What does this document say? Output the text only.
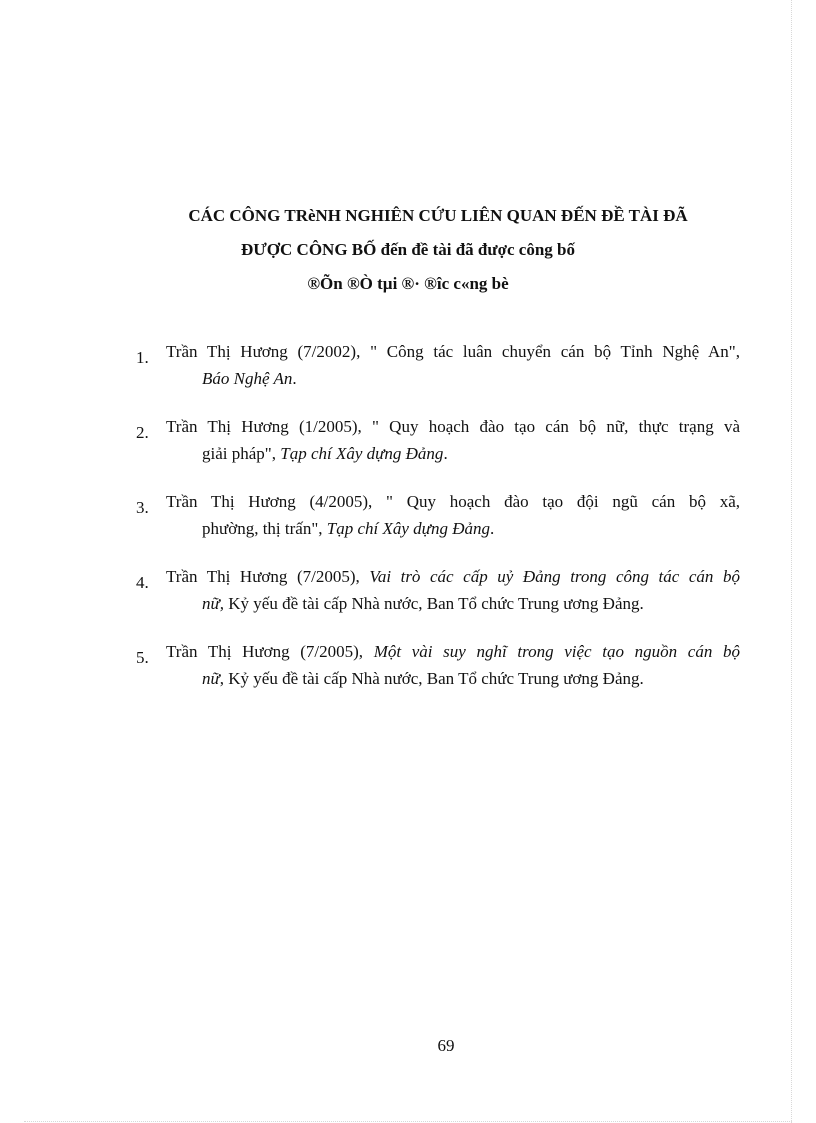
CÁC CÔNG TRèNH NGHIÊN CỨU LIÊN QUAN ĐẾN ĐỀ TÀI ĐÃ
ĐƯỢC CÔNG BỐ đến đề tài đã được công bố
®Õn ®Ò tµi ®· ®îc c«ng bè
1.	Trần Thị Hương (7/2002), " Công tác luân chuyển cán bộ Tỉnh Nghệ An",
Báo Nghệ An.
2.	Trần Thị Hương (1/2005), " Quy hoạch đào tạo cán bộ nữ, thực trạng và
giải pháp", Tạp chí Xây dựng Đảng.
3.	Trần Thị Hương (4/2005), " Quy hoạch đào tạo đội ngũ cán bộ xã,
phường, thị trấn", Tạp chí Xây dựng Đảng.
4.	Trần Thị Hương (7/2005), Vai trò các cấp uỷ Đảng trong công tác cán bộ
nữ, Kỷ yếu đề tài cấp Nhà nước, Ban Tổ chức Trung ương Đảng.
5.	Trần Thị Hương (7/2005), Một vài suy nghĩ trong việc tạo nguồn cán bộ
nữ, Kỷ yếu đề tài cấp Nhà nước, Ban Tổ chức Trung ương Đảng.
69
